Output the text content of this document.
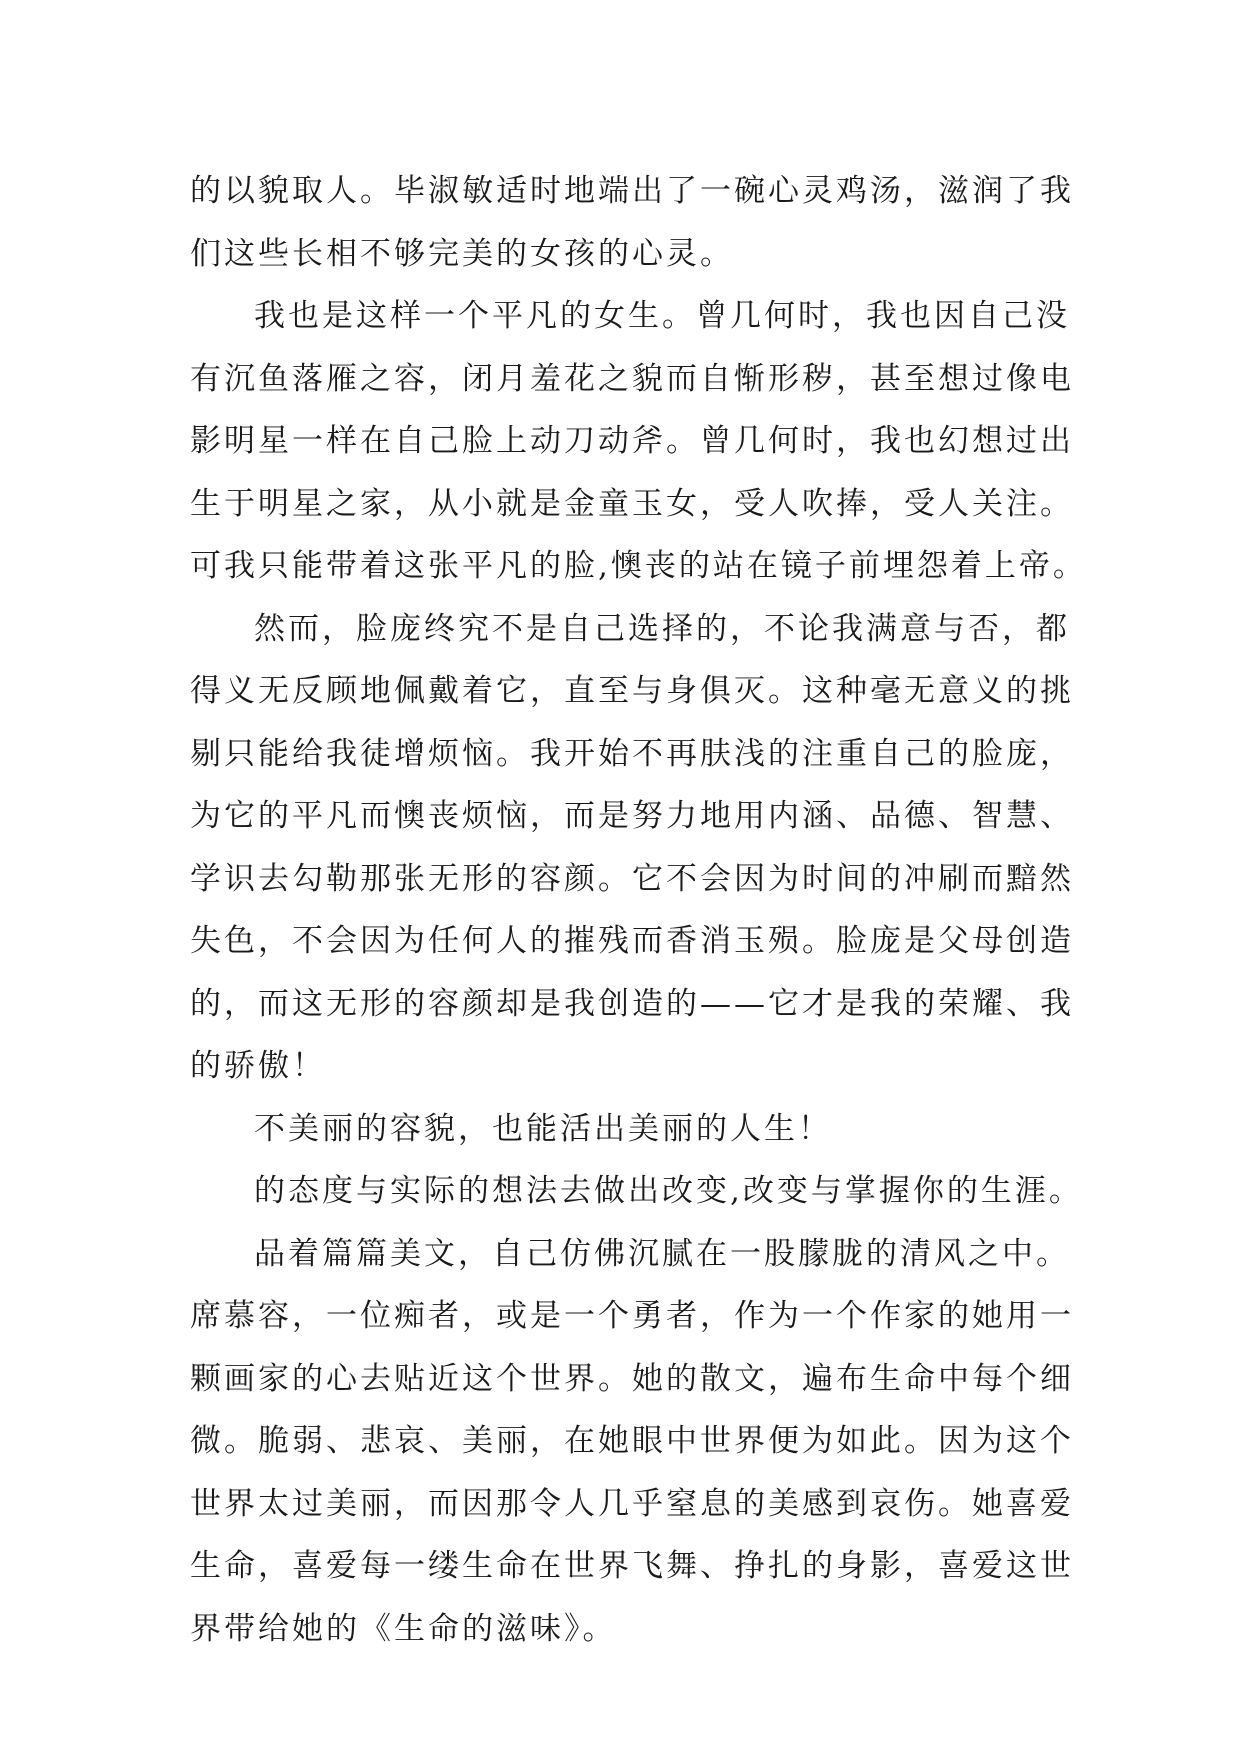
的以貌取人。毕淑敏适时地端出了一碗心灵鸡汤，滋润了我
们这些长相不够完美的女孩的心灵。
我也是这样一个平凡的女生。曾几何时，我也因自己没
有沉鱼落雁之容，闭月羞花之貌而自惭形秽，甚至想过像电
影明星一样在自己脸上动刀动斧。曾几何时，我也幻想过出
生于明星之家，从小就是金童玉女，受人吹捧，受人关注。
可我只能带着这张平凡的脸,懊丧的站在镜子前埋怨着上帝。
然而，脸庞终究不是自己选择的，不论我满意与否，都
得义无反顾地佩戴着它，直至与身俱灭。这种毫无意义的挑
剔只能给我徒增烦恼。我开始不再肤浅的注重自己的脸庞，
为它的平凡而懊丧烦恼，而是努力地用内涵、品德、智慧、
学识去勾勒那张无形的容颜。它不会因为时间的冲刷而黯然
失色，不会因为任何人的摧残而香消玉殒。脸庞是父母创造
的，而这无形的容颜却是我创造的——它才是我的荣耀、我
的骄傲！
不美丽的容貌，也能活出美丽的人生！
的态度与实际的想法去做出改变,改变与掌握你的生涯。
品着篇篇美文，自己仿佛沉腻在一股朦胧的清风之中。
席慕容，一位痴者，或是一个勇者，作为一个作家的她用一
颗画家的心去贴近这个世界。她的散文，遍布生命中每个细
微。脆弱、悲哀、美丽，在她眼中世界便为如此。因为这个
世界太过美丽，而因那令人几乎窒息的美感到哀伤。她喜爱
生命，喜爱每一缕生命在世界飞舞、挣扎的身影，喜爱这世
界带给她的《生命的滋味》。
